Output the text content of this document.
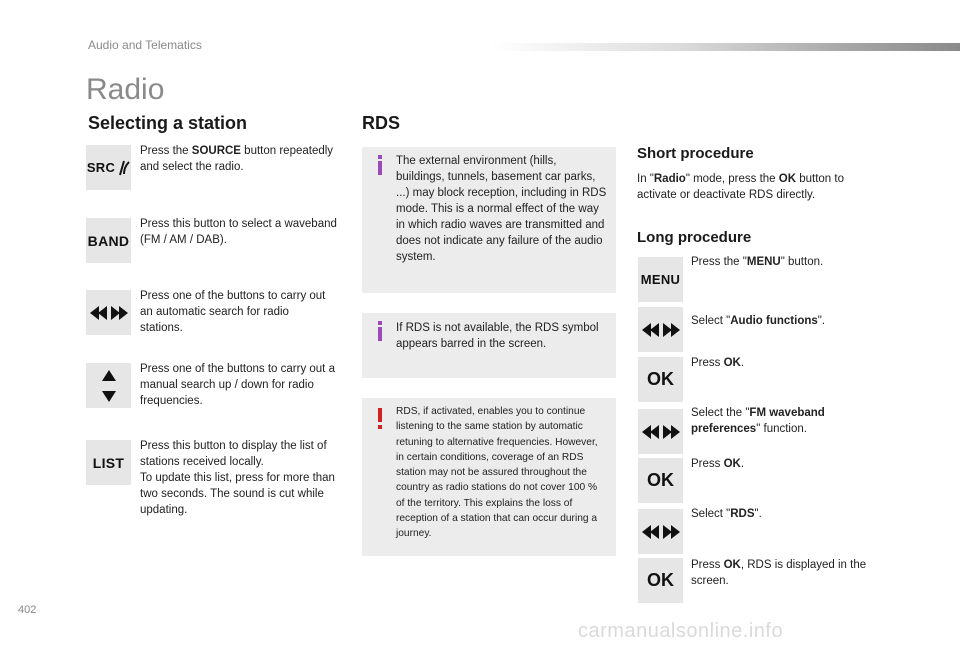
Audio and Telematics
Radio
Selecting a station
SRC
Press the SOURCE button repeatedly and select the radio.
BAND
Press this button to select a waveband (FM / AM / DAB).
Press one of the buttons to carry out an automatic search for radio stations.
Press one of the buttons to carry out a manual search up / down for radio frequencies.
LIST
Press this button to display the list of stations received locally.
To update this list, press for more than two seconds. The sound is cut while updating.
RDS
The external environment (hills, buildings, tunnels, basement car parks, ...) may block reception, including in RDS mode. This is a normal effect of the way in which radio waves are transmitted and does not indicate any failure of the audio system.
If RDS is not available, the RDS symbol appears barred in the screen.
RDS, if activated, enables you to continue listening to the same station by automatic retuning to alternative frequencies. However, in certain conditions, coverage of an RDS station may not be assured throughout the country as radio stations do not cover 100 % of the territory. This explains the loss of reception of a station that can occur during a journey.
Short procedure
In "Radio" mode, press the OK button to activate or deactivate RDS directly.
Long procedure
MENU
Press the "MENU" button.
Select "Audio functions".
OK
Press OK.
Select the "FM waveband preferences" function.
OK
Press OK.
Select "RDS".
OK
Press OK, RDS is displayed in the screen.
402
carmanualsonline.info
